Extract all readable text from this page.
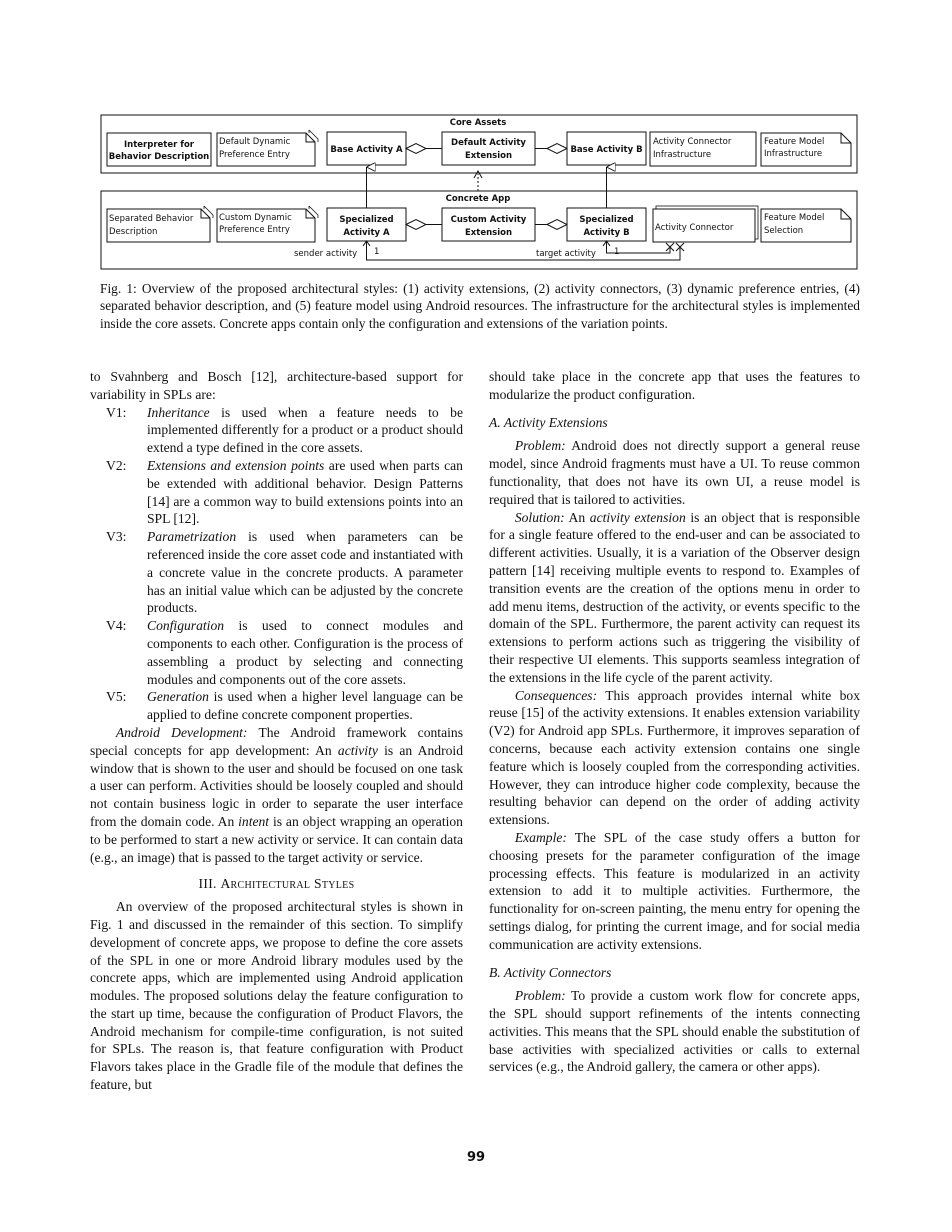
Core Assets
Interpreter for
Behavior Description
Default Dynamic
Preference Entry	Base Activity A
Default Activity
Extension
Base Activity B
Activity Connector
Infrastructure
Feature Model
Infrastructure
Concrete App
Separated Behavior
Description
Custom Dynamic
Preference Entry
Specialized
Activity A
Custom Activity
Extension
Specialized
Activity B	Activity Connector
Feature Model
Selection
sender activity 1	target activity 1
Fig. 1: Overview of the proposed architectural styles: (1) activity extensions, (2) activity connectors, (3) dynamic preference entries, (4) separated behavior description, and (5) feature model using Android resources. The infrastructure for the architectural styles is implemented inside the core assets. Concrete apps contain only the configuration and extensions of the variation points.

to Svahnberg and Bosch [12], architecture-based support for variability in SPLs are:

V1:	Inheritance is used when a feature needs to be implemented differently for a product or a product should extend a type defined in the core assets.
V2:	Extensions and extension points are used when parts can be extended with additional behavior. Design Patterns [14] are a common way to build extensions points into an SPL [12].
V3:	Parametrization is used when parameters can be referenced inside the core asset code and instantiated with a concrete value in the concrete products. A parameter has an initial value which can be adjusted by the concrete products.
V4:	Configuration is used to connect modules and components to each other. Configuration is the process of assembling a product by selecting and connecting modules and components out of the core assets.
V5:	Generation is used when a higher level language can be applied to define concrete component properties.

Android Development: The Android framework contains special concepts for app development: An activity is an Android window that is shown to the user and should be focused on one task a user can perform. Activities should be loosely coupled and should not contain business logic in order to separate the user interface from the domain code. An intent is an object wrapping an operation to be performed to start a new activity or service. It can contain data (e.g., an image) that is passed to the target activity or service.

III. Architectural Styles

An overview of the proposed architectural styles is shown in Fig. 1 and discussed in the remainder of this section. To simplify development of concrete apps, we propose to define the core assets of the SPL in one or more Android library modules used by the concrete apps, which are implemented using Android application modules. The proposed solutions delay the feature configuration to the start up time, because the configuration of Product Flavors, the Android mechanism for compile-time configuration, is not suited for SPLs. The reason is, that feature configuration with Product Flavors takes place in the Gradle file of the module that defines the feature, but

should take place in the concrete app that uses the features to modularize the product configuration.

A. Activity Extensions

Problem: Android does not directly support a general reuse model, since Android fragments must have a UI. To reuse common functionality, that does not have its own UI, a reuse model is required that is tailored to activities.

Solution: An activity extension is an object that is responsible for a single feature offered to the end-user and can be associated to different activities. Usually, it is a variation of the Observer design pattern [14] receiving multiple events to respond to. Examples of transition events are the creation of the options menu in order to add menu items, destruction of the activity, or events specific to the domain of the SPL. Furthermore, the parent activity can request its extensions to perform actions such as triggering the visibility of their respective UI elements. This supports seamless integration of the extensions in the life cycle of the parent activity.

Consequences: This approach provides internal white box reuse [15] of the activity extensions. It enables extension variability (V2) for Android app SPLs. Furthermore, it improves separation of concerns, because each activity extension contains one single feature which is loosely coupled from the corresponding activities. However, they can introduce higher code complexity, because the resulting behavior can depend on the order of adding activity extensions.

Example: The SPL of the case study offers a button for choosing presets for the parameter configuration of the image processing effects. This feature is modularized in an activity extension to add it to multiple activities. Furthermore, the functionality for on-screen painting, the menu entry for opening the settings dialog, for printing the current image, and for social media communication are activity extensions.

B. Activity Connectors

Problem: To provide a custom work flow for concrete apps, the SPL should support refinements of the intents connecting activities. This means that the SPL should enable the substitution of base activities with specialized activities or calls to external services (e.g., the Android gallery, the camera or other apps).

99
